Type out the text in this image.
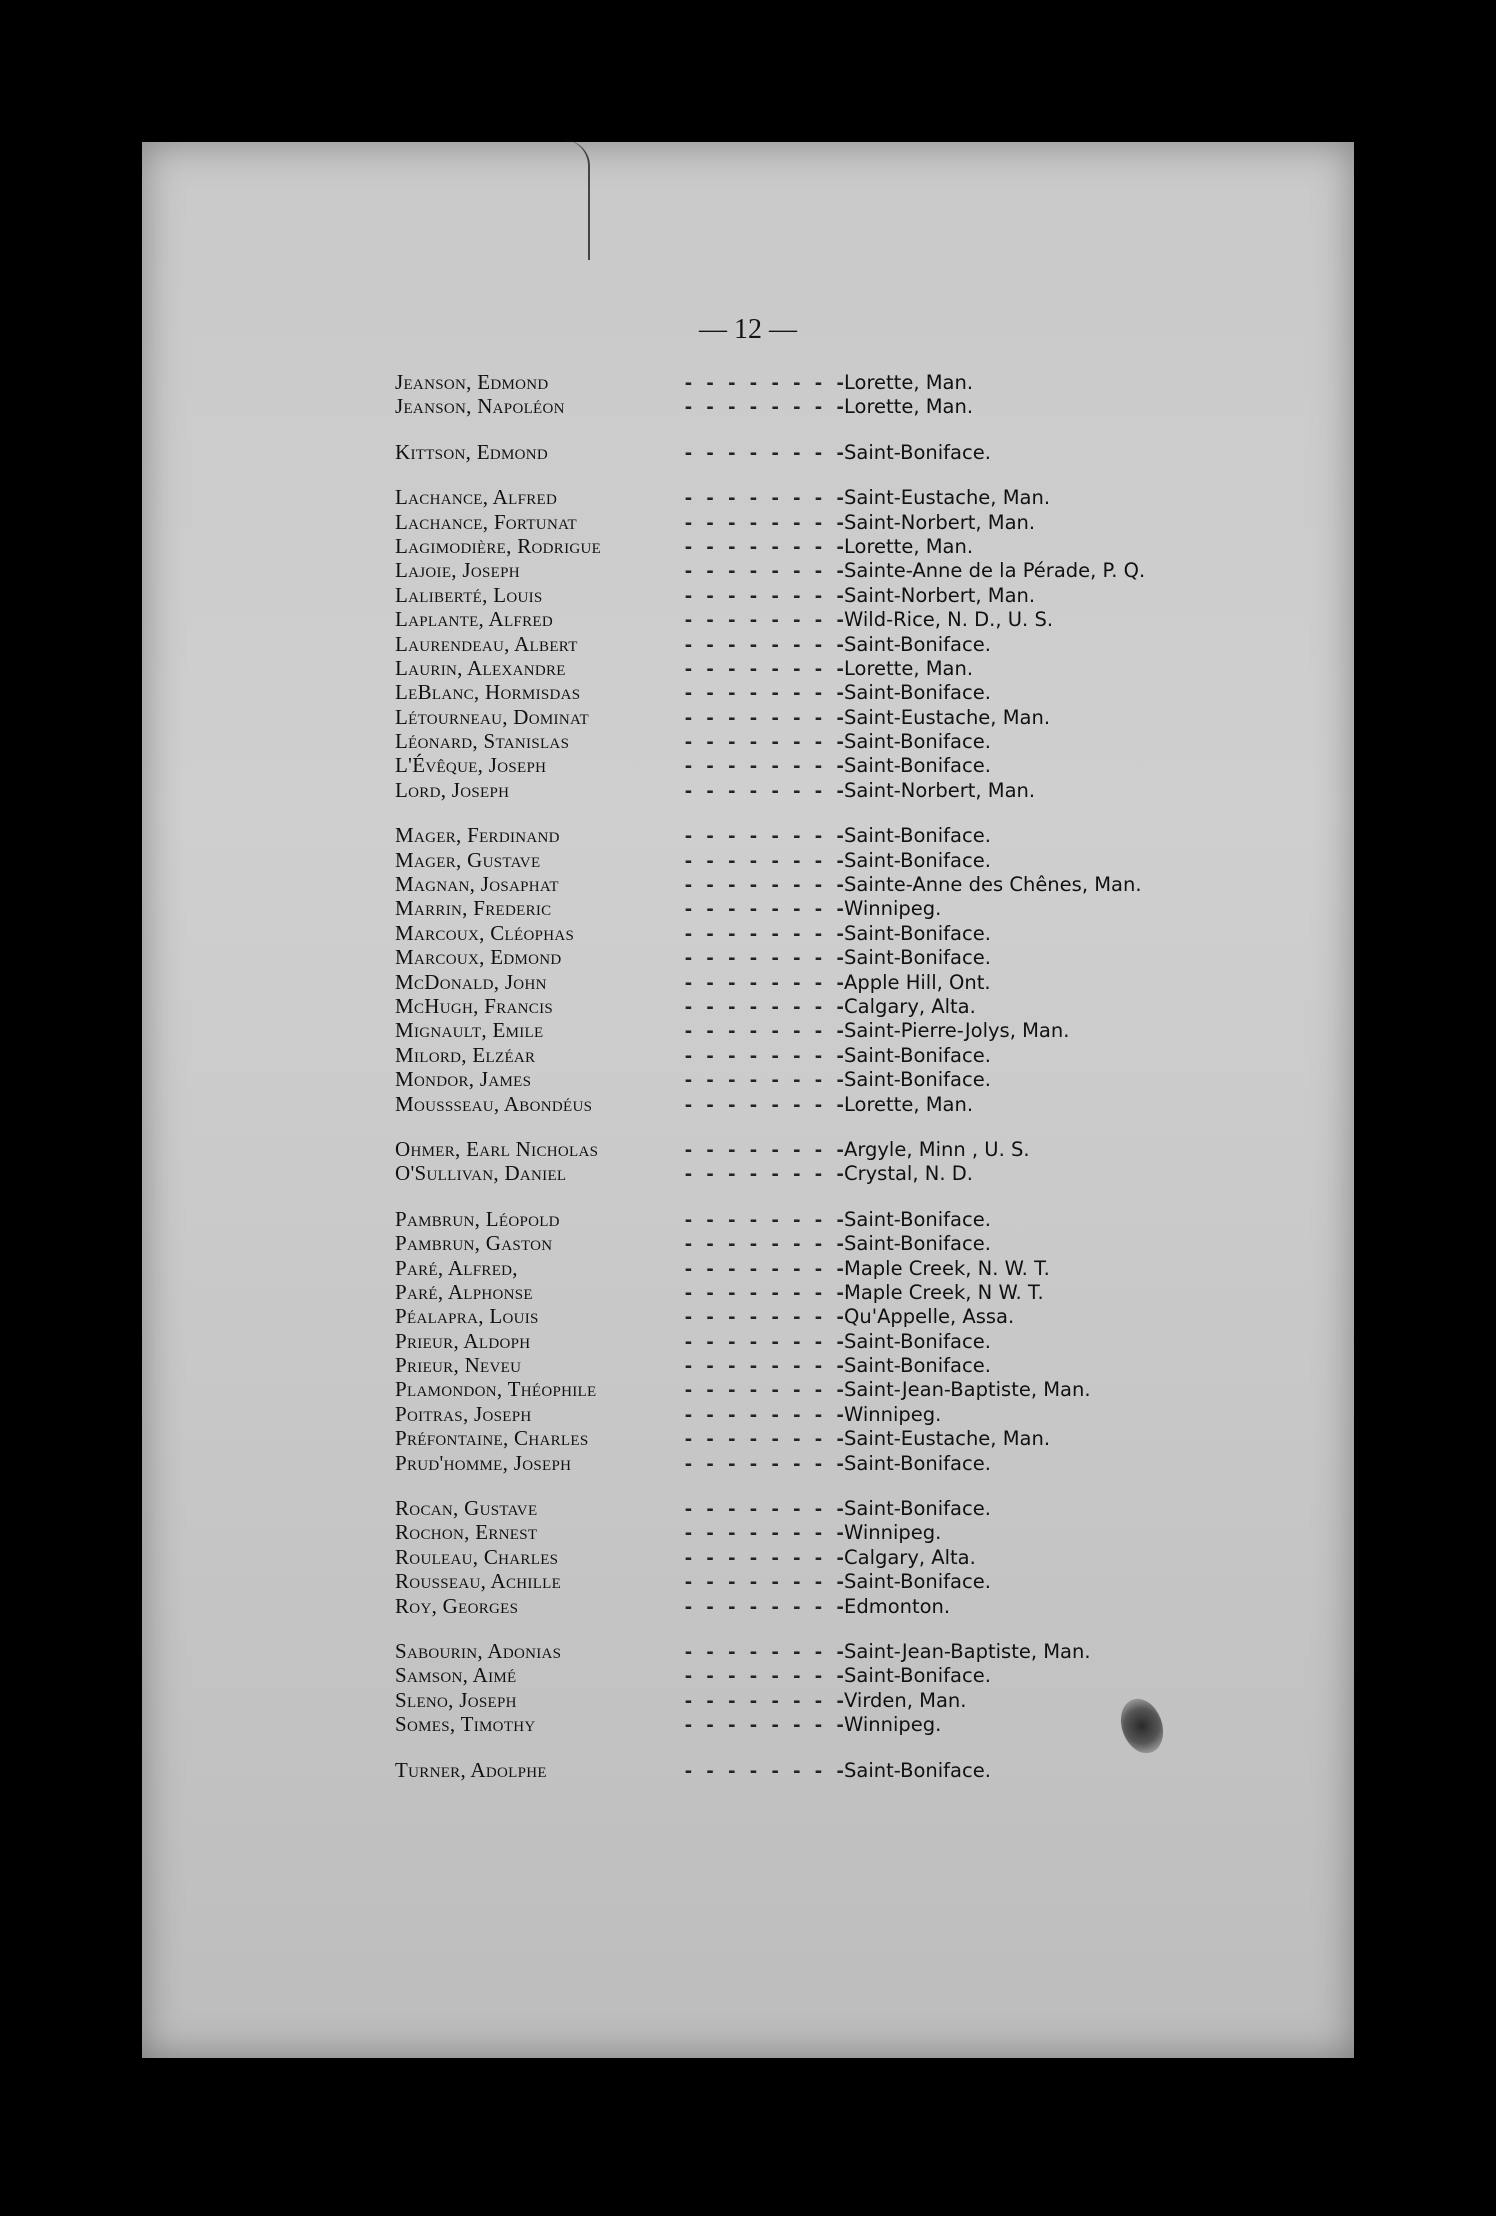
— 12 —
Jeanson, Edmond - -	Lorette, Man.
Jeanson, Napoléon - -	Lorette, Man.
Kittson, Edmond - -	Saint-Boniface.
Lachance, Alfred - -	Saint-Eustache, Man.
Lachance, Fortunat - -	Saint-Norbert, Man.
Lagimodière, Rodrigue - -	Lorette, Man.
Lajoie, Joseph - -	Sainte-Anne de la Pérade, P. Q.
Laliberté, Louis - -	Saint-Norbert, Man.
Laplante, Alfred - -	Wild-Rice, N. D., U. S.
Laurendeau, Albert - -	Saint-Boniface.
Laurin, Alexandre - -	Lorette, Man.
LeBlanc, Hormisdas - -	Saint-Boniface.
Létourneau, Dominat - -	Saint-Eustache, Man.
Léonard, Stanislas - -	Saint-Boniface.
L'Évêque, Joseph - -	Saint-Boniface.
Lord, Joseph - -	Saint-Norbert, Man.
Mager, Ferdinand - -	Saint-Boniface.
Mager, Gustave - -	Saint-Boniface.
Magnan, Josaphat - -	Sainte-Anne des Chênes, Man.
Marrin, Frederic - -	Winnipeg.
Marcoux, Cléophas - -	Saint-Boniface.
Marcoux, Edmond - -	Saint-Boniface.
McDonald, John - -	Apple Hill, Ont.
McHugh, Francis - -	Calgary, Alta.
Mignault, Emile - -	Saint-Pierre-Jolys, Man.
Milord, Elzéar - -	Saint-Boniface.
Mondor, James - -	Saint-Boniface.
Moussseau, Abondéus - -	Lorette, Man.
Ohmer, Earl Nicholas - -	Argyle, Minn , U. S.
O'Sullivan, Daniel - -	Crystal, N. D.
Pambrun, Léopold - -	Saint-Boniface.
Pambrun, Gaston - -	Saint-Boniface.
Paré, Alfred, - -	Maple Creek, N. W. T.
Paré, Alphonse - -	Maple Creek, N W. T.
Péalapra, Louis - -	Qu'Appelle, Assa.
Prieur, Aldoph - -	Saint-Boniface.
Prieur, Neveu - -	Saint-Boniface.
Plamondon, Théophile - -	Saint-Jean-Baptiste, Man.
Poitras, Joseph - -	Winnipeg.
Préfontaine, Charles - -	Saint-Eustache, Man.
Prud'homme, Joseph - -	Saint-Boniface.
Rocan, Gustave - -	Saint-Boniface.
Rochon, Ernest - -	Winnipeg.
Rouleau, Charles - -	Calgary, Alta.
Rousseau, Achille - -	Saint-Boniface.
Roy, Georges - -	Edmonton.
Sabourin, Adonias - -	Saint-Jean-Baptiste, Man.
Samson, Aimé - -	Saint-Boniface.
Sleno, Joseph - -	Virden, Man.
Somes, Timothy - -	Winnipeg.
Turner, Adolphe - -	Saint-Boniface.
